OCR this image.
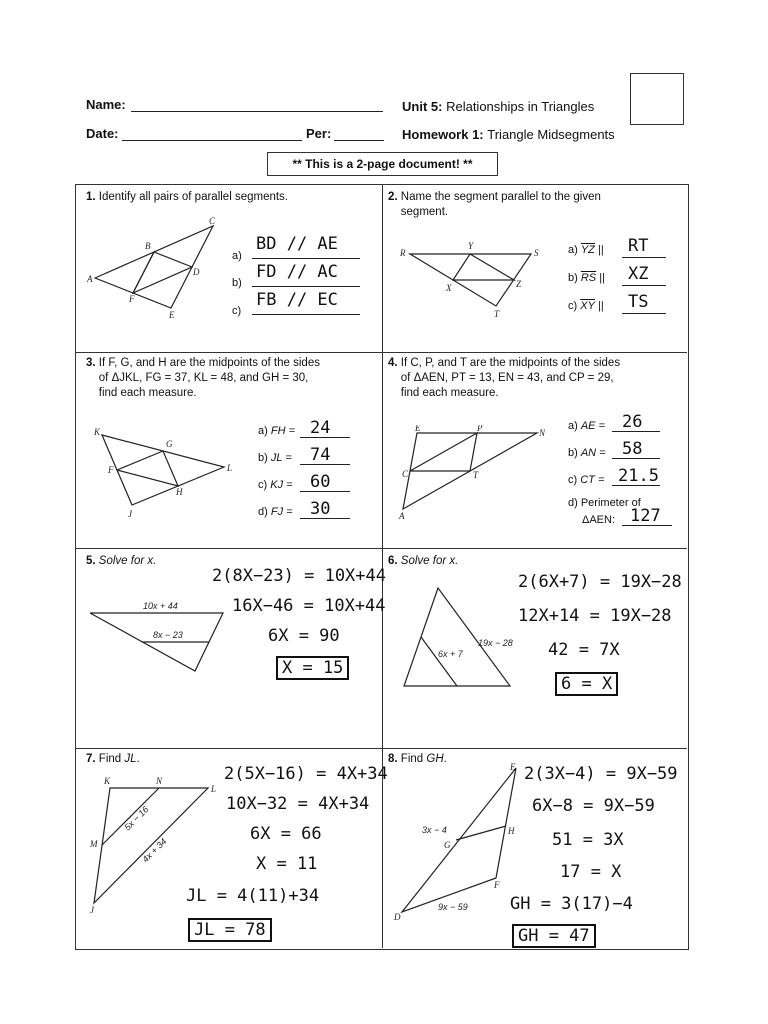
Name:
Date:	Per:
Unit 5: Relationships in Triangles
Homework 1: Triangle Midsegments
** This is a 2-page document! **
1. Identify all pairs of parallel segments.
C
B
D
A
F
E
a)
BD // AE
b)
FD // AC
c)
FB // EC
2. Name the segment parallel to the given
segment.
R
Y
S
X	Z
T
a) $\overline{YZ}$ || RT
b) $\overline{RS}$ || XZ
c) $\overline{XY}$ || TS
3. If F, G, and H are the midpoints of the sides
of ΔJKL, FG = 37, KL = 48, and GH = 30,
find each measure.
K
G
F	L
H
J
a) FH = 24
b) JL = 74
c) KJ = 60
d) FJ = 30
4. If C, P, and T are the midpoints of the sides
of ΔAEN, PT = 13, EN = 43, and CP = 29,
find each measure.
E	P	N
C	T
A
a) AE = 26
b) AN = 58
c) CT = 21.5
d) Perimeter of
ΔAEN: 127
5. Solve for x.
10x + 44
8x − 23
2(8X−23) = 10X+44
16X−46 = 10X+44
6X = 90
X = 15
6. Solve for x.
19x − 28
6x + 7
2(6X+7) = 19X−28
12X+14 = 19X−28
42 = 7X
6 = X
7. Find JL.
K	N
L
M
J
5x − 16
4x + 34
2(5X−16) = 4X+34
10X−32 = 4X+34
6X = 66
X = 11
JL = 4(11)+34
JL = 78
8. Find GH.
E
G
H
F
D
3x − 4
9x − 59
2(3X−4) = 9X−59
6X−8 = 9X−59
51 = 3X
17 = X
GH = 3(17)−4
GH = 47
